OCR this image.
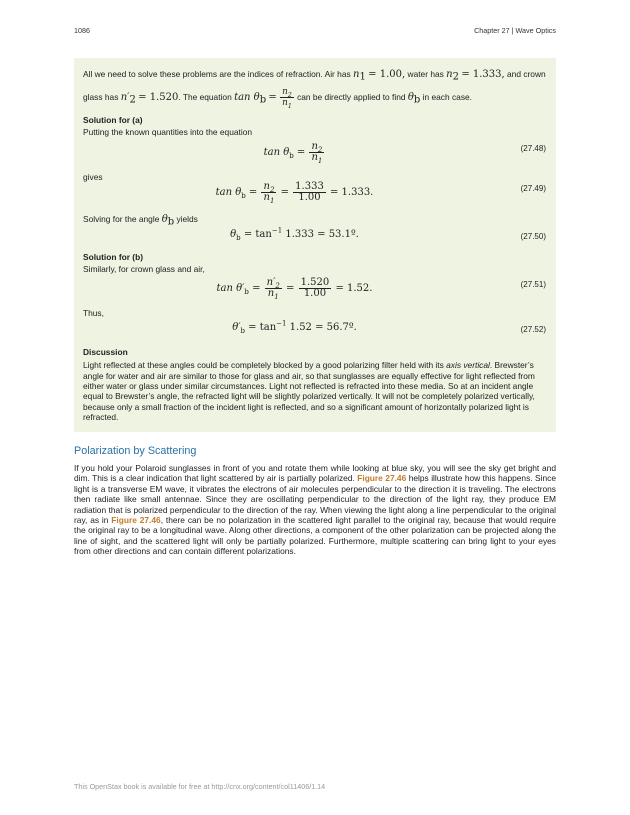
1086	Chapter 27 | Wave Optics

All we need to solve these problems are the indices of refraction. Air has $n_1 = 1.00$, water has $n_2 = 1.333$, and crown glass has $n'_2 = 1.520$. The equation $\tan \theta_b = \frac{n_2}{n_1}$ can be directly applied to find $\theta_b$ in each case.

Solution for (a)

Putting the known quantities into the equation

$\tan \theta_b = \frac{n_2}{n_1}$	(27.48)

gives

$\tan \theta_b = \frac{n_2}{n_1} = \frac{1.333}{1.00} = 1.333$.	(27.49)

Solving for the angle $\theta_b$ yields

$\theta_b = \tan^{-1} 1.333$ = 53.1º.	(27.50)

Solution for (b)

Similarly, for crown glass and air,

$\tan \theta'_b = \frac{n'_2}{n_1} = \frac{1.520}{1.00} = 1.52$.	(27.51)

Thus,

$\theta'_b = \tan^{-1} 1.52$ = 56.7º.	(27.52)

Discussion

Light reflected at these angles could be completely blocked by a good polarizing filter held with its axis vertical. Brewster’s angle for water and air are similar to those for glass and air, so that sunglasses are equally effective for light reflected from either water or glass under similar circumstances. Light not reflected is refracted into these media. So at an incident angle equal to Brewster’s angle, the refracted light will be slightly polarized vertically. It will not be completely polarized vertically, because only a small fraction of the incident light is reflected, and so a significant amount of horizontally polarized light is refracted.

Polarization by Scattering

If you hold your Polaroid sunglasses in front of you and rotate them while looking at blue sky, you will see the sky get bright and dim. This is a clear indication that light scattered by air is partially polarized. Figure 27.46 helps illustrate how this happens. Since light is a transverse EM wave, it vibrates the electrons of air molecules perpendicular to the direction it is traveling. The electrons then radiate like small antennae. Since they are oscillating perpendicular to the direction of the light ray, they produce EM radiation that is polarized perpendicular to the direction of the ray. When viewing the light along a line perpendicular to the original ray, as in Figure 27.46, there can be no polarization in the scattered light parallel to the original ray, because that would require the original ray to be a longitudinal wave. Along other directions, a component of the other polarization can be projected along the line of sight, and the scattered light will only be partially polarized. Furthermore, multiple scattering can bring light to your eyes from other directions and can contain different polarizations.

This OpenStax book is available for free at http://cnx.org/content/col11406/1.14
